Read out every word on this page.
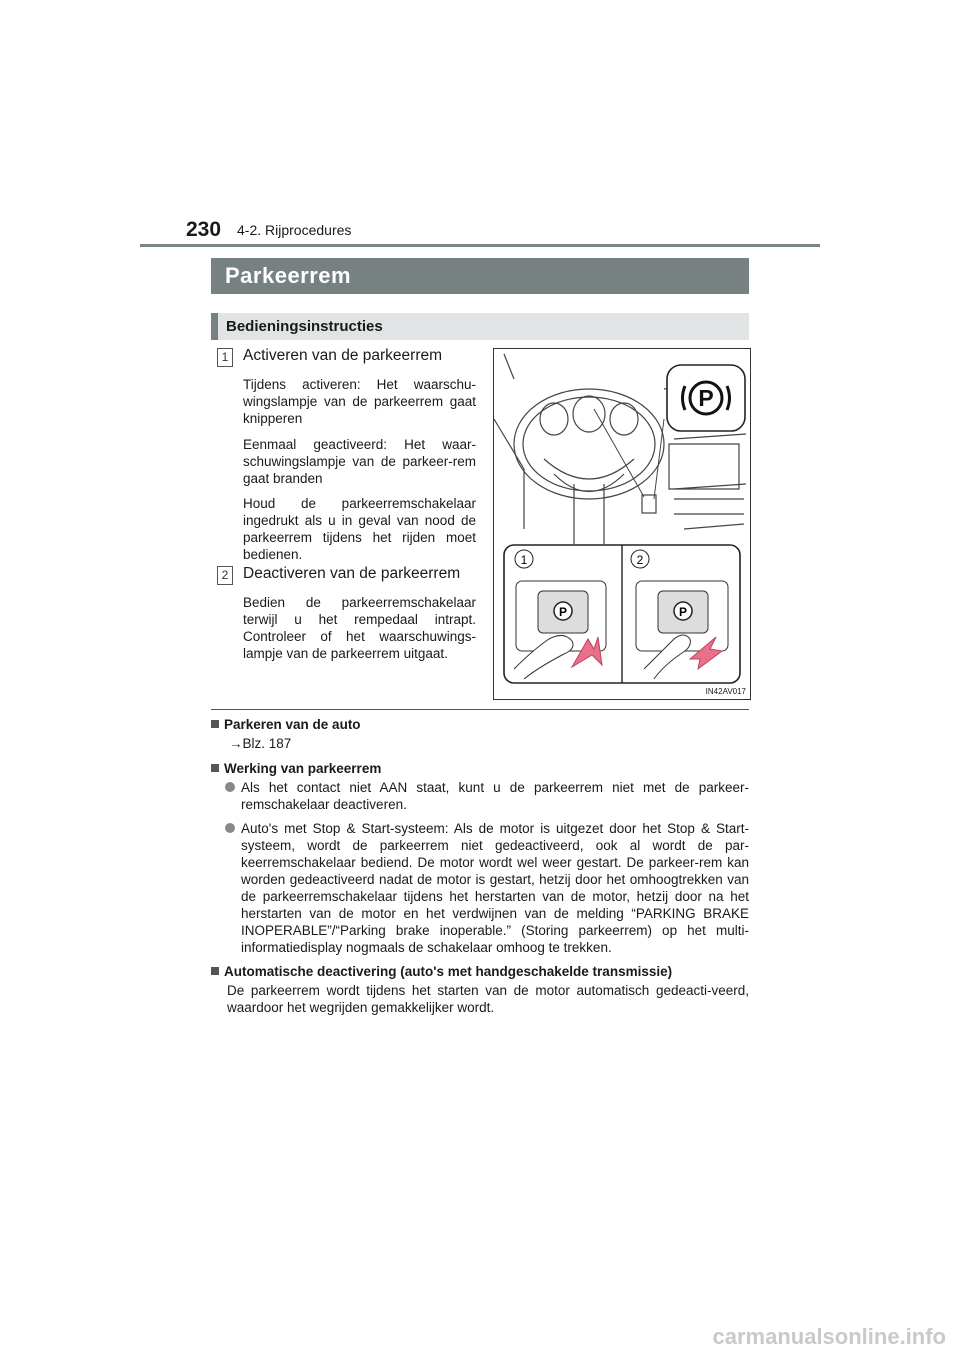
230 4-2. Rijprocedures
Parkeerrem
Bedieningsinstructies
1 Activeren van de parkeerrem

Tijdens activeren: Het waarschu-wingslampje van de parkeerrem gaat knipperen

Eenmaal geactiveerd: Het waar-schuwingslampje van de parkeer-rem gaat branden

Houd de parkeerremschakelaar ingedrukt als u in geval van nood de parkeerrem tijdens het rijden moet bedienen.

2 Deactiveren van de parkeerrem

Bedien de parkeerremschakelaar terwijl u het rempedaal intrapt. Controleer of het waarschuwings-lampje van de parkeerrem uitgaat.

P
P	P
1	2
IN42AV017

Parkeren van de auto

→Blz. 187

Werking van parkeerrem

Als het contact niet AAN staat, kunt u de parkeerrem niet met de parkeer-remschakelaar deactiveren.

Auto's met Stop & Start-systeem: Als de motor is uitgezet door het Stop & Start-systeem, wordt de parkeerrem niet gedeactiveerd, ook al wordt de par-keerremschakelaar bediend. De motor wordt wel weer gestart. De parkeer-rem kan worden gedeactiveerd nadat de motor is gestart, hetzij door het omhoogtrekken van de parkeerremschakelaar tijdens het herstarten van de motor, hetzij door na het herstarten van de motor en het verdwijnen van de melding “PARKING BRAKE INOPERABLE”/“Parking brake inoperable.” (Storing parkeerrem) op het multi-informatiedisplay nogmaals de schakelaar omhoog te trekken.

Automatische deactivering (auto's met handgeschakelde transmissie)

De parkeerrem wordt tijdens het starten van de motor automatisch gedeacti-veerd, waardoor het wegrijden gemakkelijker wordt.

carmanualsonline.info
